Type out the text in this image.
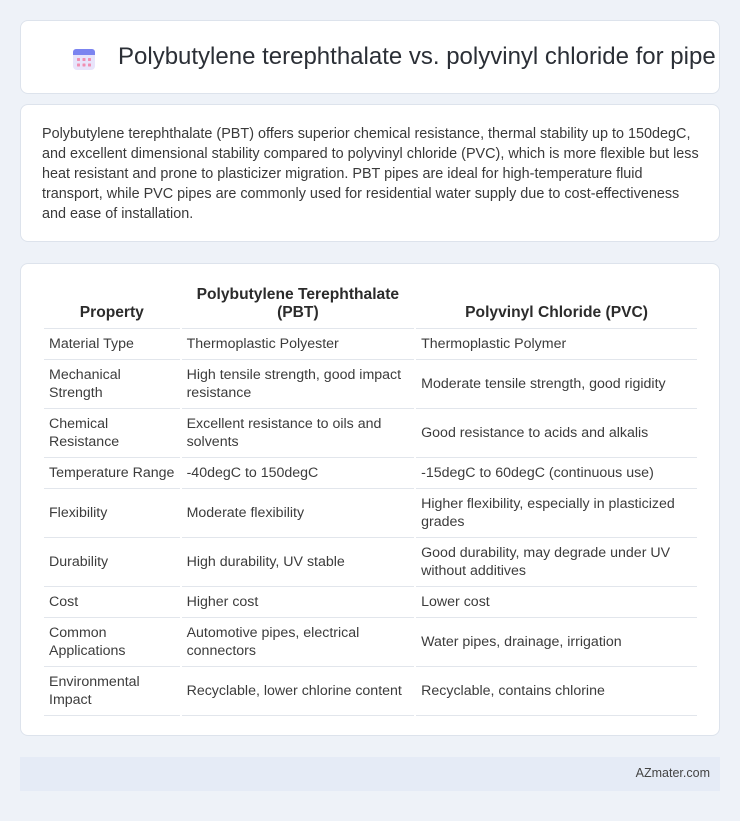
Polybutylene terephthalate vs. polyvinyl chloride for pipe

Polybutylene terephthalate (PBT) offers superior chemical resistance, thermal stability up to 150degC, and excellent dimensional stability compared to polyvinyl chloride (PVC), which is more flexible but less heat resistant and prone to plasticizer migration. PBT pipes are ideal for high-temperature fluid transport, while PVC pipes are commonly used for residential water supply due to cost-effectiveness and ease of installation.

Property	Polybutylene Terephthalate (PBT)	Polyvinyl Chloride (PVC)
Material Type	Thermoplastic Polyester	Thermoplastic Polymer
Mechanical Strength	High tensile strength, good impact resistance	Moderate tensile strength, good rigidity
Chemical Resistance	Excellent resistance to oils and solvents	Good resistance to acids and alkalis
Temperature Range	-40degC to 150degC	-15degC to 60degC (continuous use)
Flexibility	Moderate flexibility	Higher flexibility, especially in plasticized grades
Durability	High durability, UV stable	Good durability, may degrade under UV without additives
Cost	Higher cost	Lower cost
Common Applications	Automotive pipes, electrical connectors	Water pipes, drainage, irrigation
Environmental Impact	Recyclable, lower chlorine content	Recyclable, contains chlorine
AZmater.com
